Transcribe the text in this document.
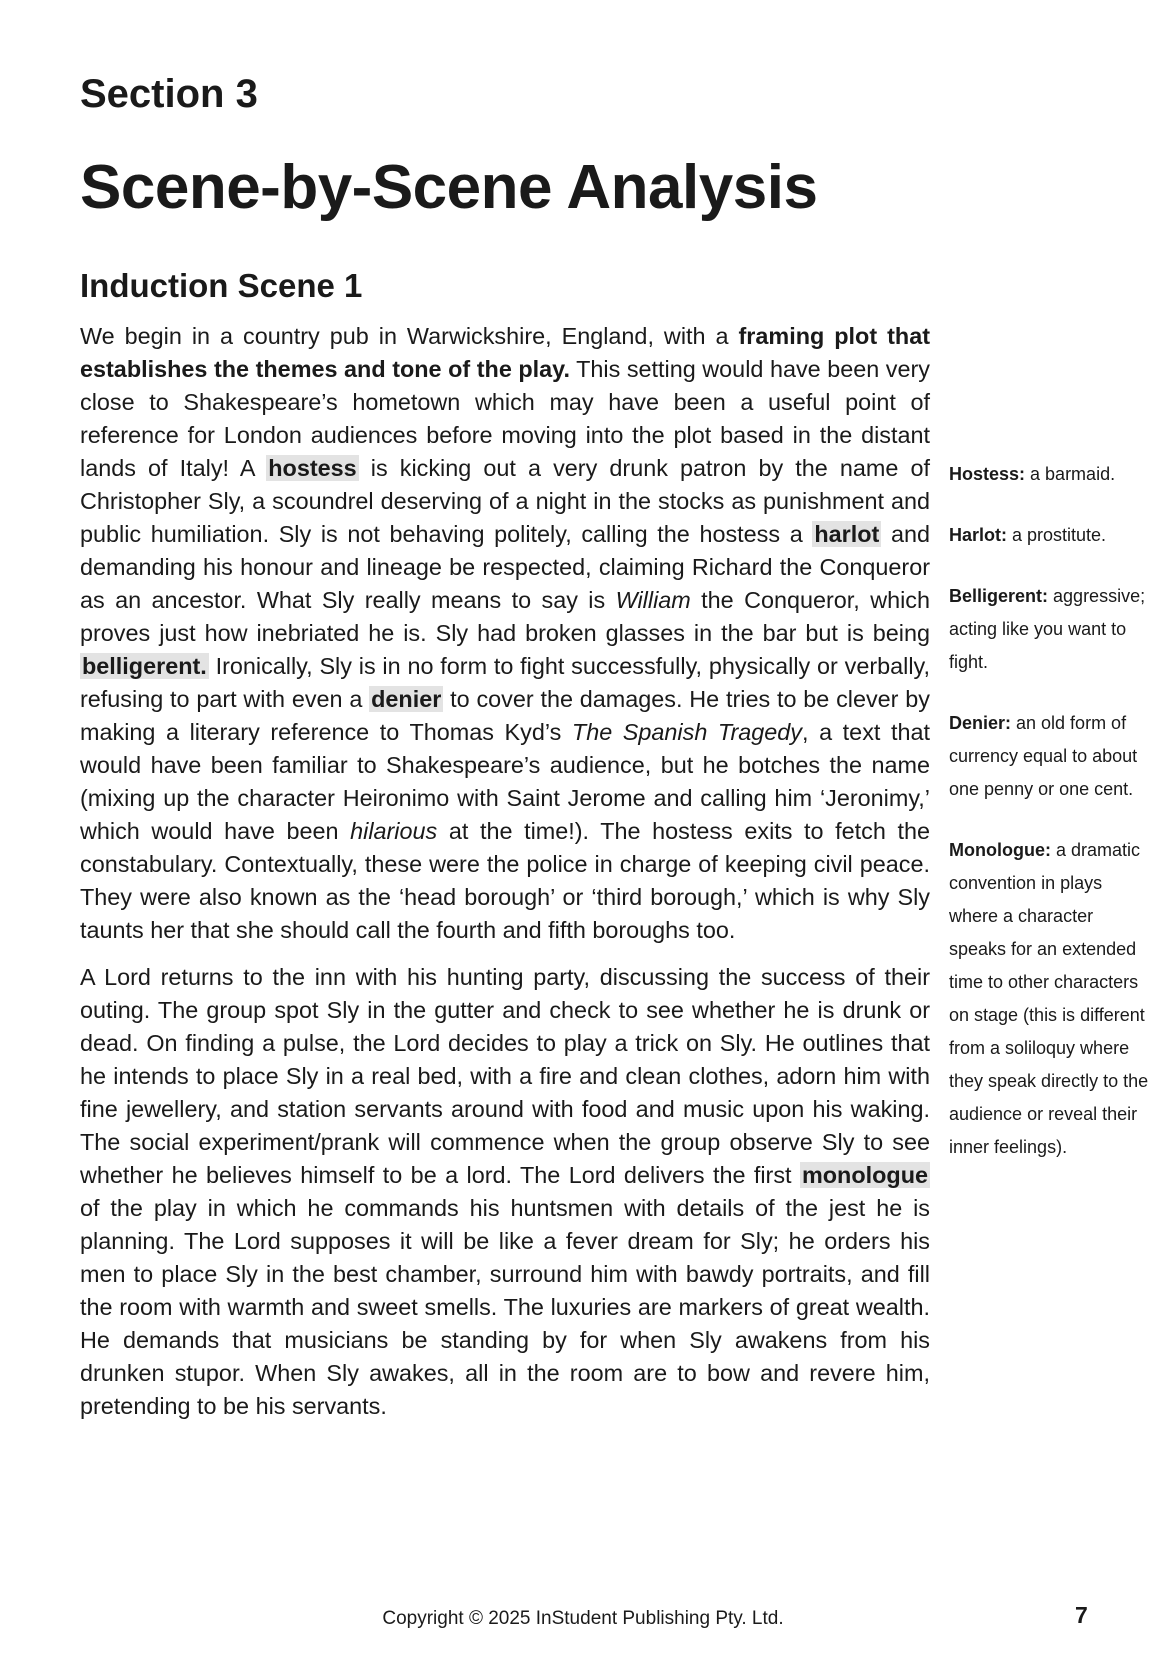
Section 3
Scene-by-Scene Analysis
Induction Scene 1

We begin in a country pub in Warwickshire, England, with a framing plot that establishes the themes and tone of the play. This setting would have been very close to Shakespeare’s hometown which may have been a useful point of reference for London audiences before moving into the plot based in the distant lands of Italy! A hostess is kicking out a very drunk patron by the name of Christopher Sly, a scoundrel deserving of a night in the stocks as punishment and public humiliation. Sly is not behaving politely, calling the hostess a harlot and demanding his honour and lineage be respected, claiming Richard the Conqueror as an ancestor. What Sly really means to say is William the Conqueror, which proves just how inebriated he is. Sly had broken glasses in the bar but is being belligerent. Ironically, Sly is in no form to fight successfully, physically or verbally, refusing to part with even a denier to cover the damages. He tries to be clever by making a literary reference to Thomas Kyd’s The Spanish Tragedy, a text that would have been familiar to Shakespeare’s audience, but he botches the name (mixing up the character Heironimo with Saint Jerome and calling him ‘Jeronimy,’ which would have been hilarious at the time!). The hostess exits to fetch the constabulary. Contextually, these were the police in charge of keeping civil peace. They were also known as the ‘head borough’ or ‘third borough,’ which is why Sly taunts her that she should call the fourth and fifth boroughs too.

A Lord returns to the inn with his hunting party, discussing the success of their outing. The group spot Sly in the gutter and check to see whether he is drunk or dead. On finding a pulse, the Lord decides to play a trick on Sly. He outlines that he intends to place Sly in a real bed, with a fire and clean clothes, adorn him with fine jewellery, and station servants around with food and music upon his waking. The social experiment/prank will commence when the group observe Sly to see whether he believes himself to be a lord. The Lord delivers the first monologue of the play in which he commands his huntsmen with details of the jest he is planning. The Lord supposes it will be like a fever dream for Sly; he orders his men to place Sly in the best chamber, surround him with bawdy portraits, and fill the room with warmth and sweet smells. The luxuries are markers of great wealth. He demands that musicians be standing by for when Sly awakens from his drunken stupor. When Sly awakes, all in the room are to bow and revere him, pretending to be his servants.

Hostess: a barmaid.
Harlot: a prostitute.
Belligerent: aggressive; acting like you want to fight.
Denier: an old form of currency equal to about one penny or one cent.
Monologue: a dramatic convention in plays where a character speaks for an extended time to other characters on stage (this is different from a soliloquy where they speak directly to the audience or reveal their inner feelings).
Copyright © 2025 InStudent Publishing Pty. Ltd.	7
